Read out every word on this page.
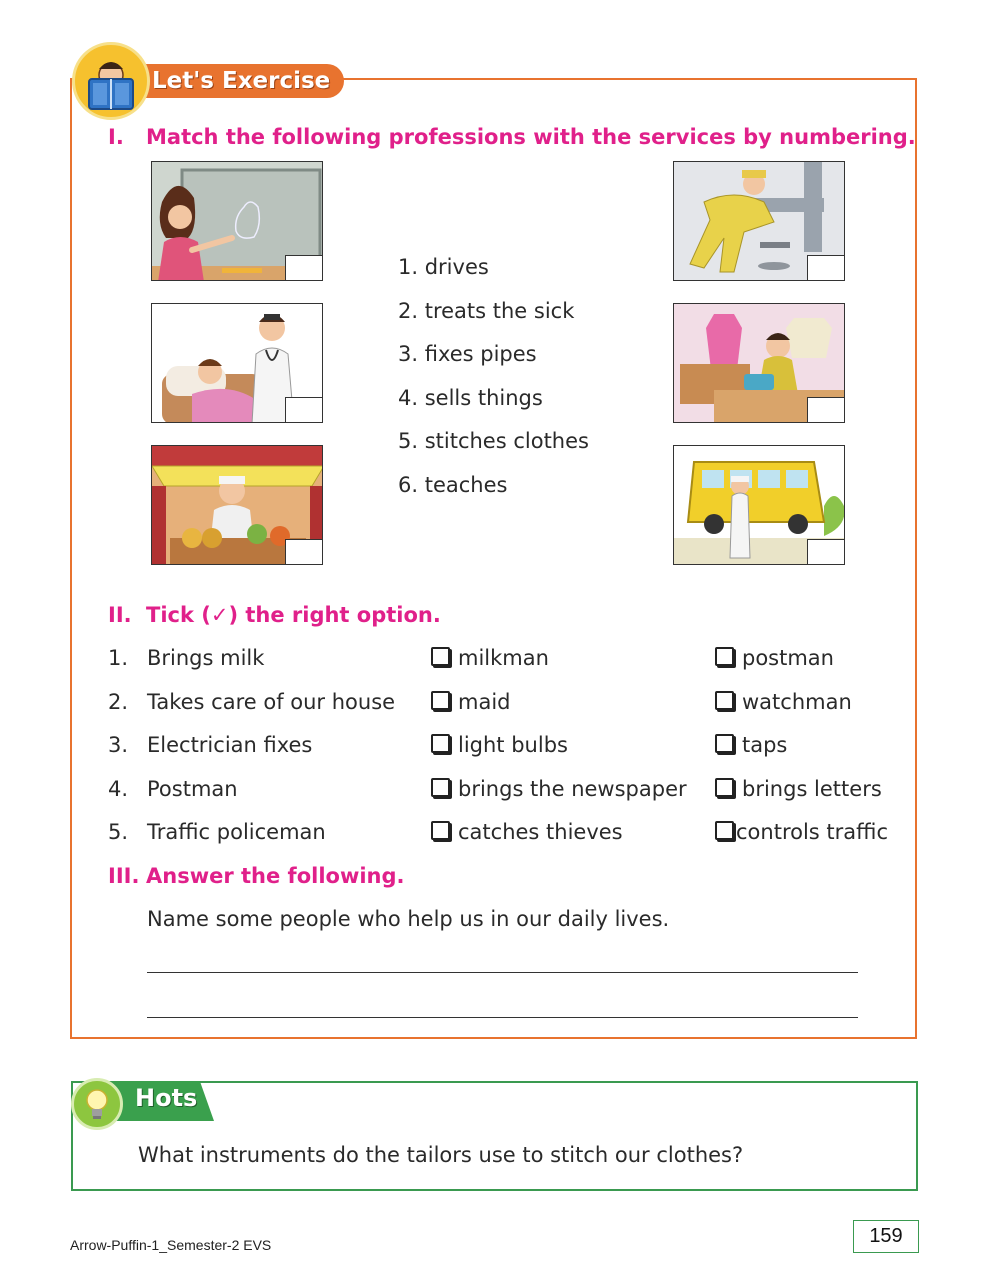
Let's Exercise
I. Match the following professions with the services by numbering.
1. drives
2. treats the sick
3. fixes pipes
4. sells things
5. stitches clothes
6. teaches
II. Tick (✓) the right option.
1. Brings milk	milkman	postman
2. Takes care of our house	maid	watchman
3. Electrician fixes	light bulbs	taps
4. Postman	brings the newspaper	brings letters
5. Traffic policeman	catches thieves	controls traffic
III. Answer the following.
Name some people who help us in our daily lives.
Hots
What instruments do the tailors use to stitch our clothes?
Arrow-Puffin-1_Semester-2 EVS	159
